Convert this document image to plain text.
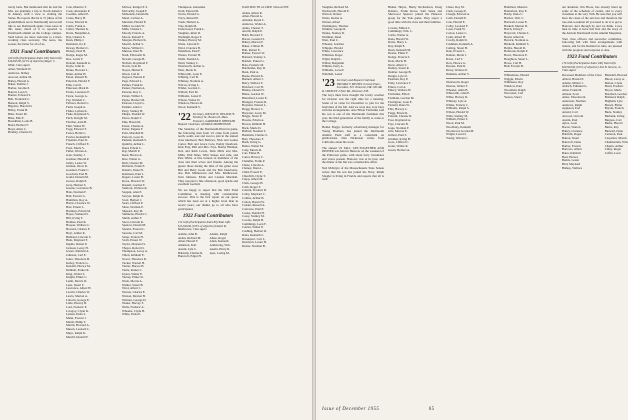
rarely back. But mentioned that he and the Mrs. are planning a trip to North America in January with a view to visiting the States. He reports that he is 72 (three of his grandchildren are in Dartmouth) and would like to see Dartmouth again. Class news in this issue; much of it is reported to Dartmouth alumni on the College campus. Such letters are more welcome to a hard-working class secretary. The news, the sooner, the better for all of us.
1921 Fund Contributors
169 Gifts (Participation Index 102) Total Gifts $16,845.00 (115% of objective) Roger C. Wilde, Class Agent
Allen, Winfield W.
Andrews, Sidney
Atwood, Arthur M.
Bailey, Harold A.
Baker, Rollins J.
Barber, Jerome P.
Barrett, Leon S.
Barnes, Edward S.
Bell, Frederick C.
Benson, Ralph S.
Bigelow, Harold D.
Bixby, Frank H.
Blair, Stuart M.
Bliss, Ellis F.
Boardman, Louis B.
Bond, Herbert F.
Boyd, Allen C.
Bradley, Charles D.
Cole, Maurice T.
Cook, Alexander P.
Coombs, Albert E.
Crane, Harry H.
Cross, Edward R.
Curtis, Frank A.
Cutler, Thomas K.
Davis, Benjamin A.
Day, Charles S.
Dean, Philip J.
Dennison, Ira P.
Dewey, Herbert C.
Dickey, Noel B.
Dodge, Roger M.
Doe, Lewis F.
Donald, Kenneth G.
Doyle, John R.
Drake, Howard L.
Dunn, Arthur H.
Eaton, Russell B.
Edwards, Harold F.
Ellis, Carl P.
Emerson, Mark D.
Evans, Laurence E.
Farrar, George A.
Fay, Wendell C.
Fellows, Robert L.
Field, Joseph A.
Fisher, Lyman K.
Fiske, Raymond S.
Fitch, Dwight M.
Fletcher, Alan B.
Flint, Walter H.
Fogg, Edward T.
Foster, Hollis C.
Fowler, Kenneth R.
Freeman, Paul D.
French, Clifford E.
Frost, Merle S.
Fuller, Warren A.
Gale, Stanley J.
Gardner, Harold P.
Gibbs, Lester W.
Gilman, Oscar R.
Goddard, Frank C.
Goodwin, Earl H.
Gould, Donald M.
Graves, Ralph E.
Gray, Herbert S.
Greene, Lawrence B.
Hale, Norman F.
Hall, Everett G.
Hamilton, Roy A.
Harris, Clarence W.
Hart, Ernest L.
Hastings, Edwin M.
Hayes, Samuel D.
Hill, Irving T.
Holmes, Paul R.
Hooper, Wallace C.
Howard, Charles E.
Hoyt, Arthur K.
Hubbard, Lincoln S.
Hunt, Maynard F.
Ingalls, Robert P.
Jackson, Leroy H.
Jewett, Kimball A.
Johnson, Carl E.
Jones, Theodore B.
Kelley, Francis G.
Kendall, Horace M.
Kimball, Parker R.
King, Walter S.
Knight, Elmer C.
Lamb, Morris D.
Lane, Stuart F.
Lawrence, Albert H.
Leavitt, Charles W.
Lewis, Merton A.
Lincoln, George E.
Little, Harvey B.
Lord, Frederic P.
Lovejoy, Clyde R.
Lyman, Dana S.
Mann, Everett J.
Marsh, Philip T.
Martin, Howard A.
Mason, Leonard C.
Mayo, Ralph K.
Merrill, Donald F.
McGee, Rodger P. S.
McCarthy, Joseph F.
McKenzie, Donald R.
Mead, Carlton A.
Merriam, Harold E.
Miller, Gordon W.
Mills, Chester L.
Moody, Francis A.
Moore, Russell T.
Morgan, Herbert K.
Morrill, Arthur S.
Morse, Willard C.
Munroe, Paul H.
Nash, Ellsworth D.
Newell, George B.
Nichols, Raymond F.
Norris, Lyle M.
Noyes, Harlan E.
Olson, Carl R.
Osgood, Warren P.
Page, Edward L.
Palmer, Frank D.
Parker, Norman A.
Parsons, Roy C.
Patten, Wilbur S.
Payne, Herbert M.
Pearson, Lloyd G.
Perkins, Allen J.
Perry, Stanley H.
Phelps, Donald W.
Pierce, Ralph T.
Pike, Harold R.
Porter, Charles A.
Potter, Eugene F.
Pratt, Marshall B.
Prescott, Leon D.
Putnam, Kenneth S.
Quimby, Arthur L.
Rand, Edwin C.
Ray, Merrill P.
Reed, Horace A.
Rice, Walter G.
Rich, Chester M.
Richards, Frank E.
Roberts, Dana H.
Robinson, Paul L.
Rogers, Lester B.
Rowe, Howard W.
Russell, Gordon F.
Sanborn, Wallace R.
Sargent, Alan E.
Sawyer, Ralph D.
Scott, Herbert J.
Sears, Clifford P.
Shaw, Norman E.
Shepard, Roy M.
Simmons, Harold C.
Smith, Arthur F.
Snow, Lincoln R.
Spencer, Donald B.
Stearns, Everett L.
Stevens, Carl M.
Stone, Francis H.
Swift, Ernest W.
Taylor, Maynard S.
Thayer, Robert D.
Thompson, Leroy A.
Tilton, Kimball E.
Tower, Theodore R.
Tucker, Warren H.
Turner, Horace B.
Tuttle, Parker C.
Upton, Walter E.
Varney, Elmer D.
Wade, Morris A.
Walker, Stuart B.
Ward, Albert C.
Warren, Charles E.
Watson, Merton H.
Webster, George D.
Weeks, Harvey F.
Wells, Frederic A.
Wheeler, Clyde H.
White, Dana E.
Thompson, Alexander
Todd, Edward R.
Towle, Harold G.
Tracy, Russell P.
Trask, Herbert A.
True, Ralph M.
Underwood, Frank L.
Vaughan, Allen D.
Wadleigh, Roger S.
Walker, Harvey M.
Waite, Lincoln E.
Ward, Clarence B.
Washburn, Paul F.
Waters, Everett H.
Webb, Donald A.
Weld, Stanley C.
Wentworth, Arthur G.
West, Merle R.
Whitcomb, Leon E.
Whiting, Carl B.
Whitney, Norman A.
Wilcox, Irving L.
Wilder, Gordon C.
Willard, Earl M.
Williams, Lester P.
Wilson, Walter D.
Winslow, Horace R.
Wood, Kenneth S.
'22 Secretary, WILSON W. WELLER 76 Newbury St., Boston 16, Mass. Treasurer, GARDNER P. WHEELER Bequest Chairman, GEORGE MATHEWSON
The Saturday of the Dartmouth-Harvard game, the following men from '22 came from points north, south, east and west to join in the annual class luncheon: Bob Bellows, Nick and Louise Carter, Bob and Grace Cole, Puddy Dearborn, Kirk Esty, Phil and Mrs. Frye, Benny Hinman, Don and Ruth Lewis, Dick Mills and Mrs. Mills, Walt Niles, Whit Stokes and wife, and Pete White. A fine turnout of members of the class and their wives and friends. Among the guests those during the time of the game were Bill and Betty Grant and the Bob Dearborns, also Bob Mathewson and Mrs. Mathewson. Tom Johnson, Eddie and Cassius Marshall. They reported a fine afternoon, good spirits and excellent football.
We are happy to report that the 1922 Fund Committee is meeting with considerable success. This is the first report on our quota which has been set at a higher level than in recent years; our thanks go to all who have participated.
1922 Fund Contributors
152 Gifts (Participation Index 89) Total Gifts $15,040.00 (103% of objective) Daniel R. Mathewson, Class Agent
Adams, John B.
Alden, Richard M.
Allen, Harold F.
Atkinson, Karl
Austin, Lyle C.
Baldwin, Charles R.
Bancroft, Edgar H.
Adams, Ralph
Albee, Roger
Allen, Kenneth
Armstrong, Wm.
Austin, Harry R.
Ayer, Loring M.
DARTMOUTH ALUMNI MAGAZINE
Alden, Albert R.
Allen, Harold A.
Amsden, Royal C.
Andrews, Walter A.
Annis, Chester T.
Averill, Ralph P.
Babb, Howard T.
Bacon, Leonard S.
Bailey, Merton F.
Baker, Clinton H.
Ball, Robert E.
Barker, Everett W.
Barnard, Stanley L.
Bartlett, Ernest G.
Bass, Frederic M.
Batchelder, Roy D.
Bean, Paul A.
Beede, Harold K.
Bennett, Albert J.
Berry, Wallace F.
Bickford, Carl H.
Bishop, Donald S.
Blake, Gordon W.
Blanchard, Lester E.
Blodgett, Francis R.
Boynton, Warren L.
Bragg, Horace C.
Brewster, Leroy M.
Briggs, Stuart P.
Brooks, Edwin A.
Brown, Kimball H.
Buck, Merle D.
Bullard, Norman T.
Burnham, Charles S.
Burt, Theodore F.
Bush, Irving G.
Butler, Walter M.
Cady, Morris R.
Carr, Elmer B.
Carter, Harvey C.
Chandler, Frank P.
Chase, Lincoln A.
Cheney, Dana L.
Child, Everett E.
Churchill, Clyde T.
Clapp, Albert M.
Clark, George H.
Cobb, Roger F.
Coburn, Frederic D.
Colby, Maynard C.
Collins, Arthur B.
Colton, Harold W.
Conant, Russell A.
Converse, Paul E.
Cooke, Donald H.
Corey, Stanley M.
Cowles, Ralph B.
Cummings, Leon F.
Currier, Walter E.
Cushing, Herbert R.
Dana, Kenneth C.
Davenport, Carl L.
Dearborn, Lester H.
Dexter, Norman B.

Vaughan, Richard M.
Wadsworth, Harold E.
Walcott, Robert
Wales, Dexter A.
Warner, Albert
Washington, Thomas
Watkins, George R.
Weeks, Stanley D.
Wellman, Dean
West, Paul C.
Wheeler, Gardner
Whipple, Harold
White, Lawrence
Whitman, Roger
Wight, Ralph L.
Wilbur, Benjamin
Wilkins, Perry A.
Williams, Lowell
Winchell, Lester
'23 Secretary and Bequest Chairman TRUMAN T. METZEL 6 Lenox Place, Scarsdale, N.Y. Treasurer, DR. OSCAR R. CREELEY 4 Tyler Rd., Hanover, N.H.
The boys must have thought the lovely weather for October was the right time for a meeting. Some of us came for December to join for the festivities of the fall. And we were also very busy with the arrangements. Also Elliott Fairbanks said his son is one of the Dartmouth freshmen this year, the third generation of the family to come to the College.
Homer Boggs, formerly advertising manager for Young Brothers, has joined the Dartmouth Alumni Fund staff as a consultant on publications. Dan Nickerson writes from California about his work.
The annual '23 FALL GET-TOGETHER AND DINNER was held in Hanover on the weekend of the Princeton game, with about forty classmates and wives present. Hanover was at its best, and the dinner at the Inn was a memorable affair.
Ned McIntyre of the Massachusetts State Senate writes that his son has joined the Navy. Ralph Stiegler is living in Florida and reports that all is well.
Hunter Hayes, Henry Richardson, Doug Roberts, Frank Rowe, Sam Stone and Sherwood Spencer joined the Hanover group for the Yale game. They report a good time with the class and their families.
Cowles, Milton C.
Cummings, Wm. C.
Curtis, Walter A.
Dana, Harold W.
Davis, Harry L.
Day, Ralph E.
Dean, Kenneth M.
Dexter, Elmer F.
Dodge, Francis S.
Dole, Merle H.
Drew, Albert C.
Dudley, Stuart R.
Dunbar, George B.
Durgin, Lyle D.
Eastman, Roy P.
Eddy, Lawrence T.
Elliott, Carl A.
Emery, Wallace H.
Fairbanks, Elliott
Farnham, Gordon M.
Farrington, Leon E.
Fernald, Dana W.
Fitts, Harvey C.
Flagg, Ernest R.
Folsom, Chester D.
Foss, Raymond A.
Frye, Lincoln B.
Gage, Norman F.
Gile, Morton E.
Gilbert, Paul S.
Glidden, Irving H.
Goss, Clifford C.
Grant, Walter R.
Green, Herbert A.
Chase, Roy M.
Clark, George P.
Clough, Edward A.
Cobb, Donald E.
Cole, Harold E.
Colby, Leonard F.
Cook, Frank W.
Cotton, Lester C.
Cram, Albert H.
Crosby, Ralph D.
Cushman, Kenneth A.
Cutting, Stuart B.
Dale, Everett L.
Damon, Merle J.
Davis, Carl T.
Dow, Horace G.
Dresser, Paul R.
Drury, Wallace E.
Dunham, Arthur S.
Wentworth, Roger
Weston, Walter F.
Wheeler, Allen B.
Whitcomb, Glen E.
White, Harvey D.
Whitney, Lyle A.
Wilder, Francis C.
Williams, Ralph S.
Wilson, Harold W.
Winn, Stanley M.
Witham, Elmer T.
Wood, Paul M.
Woodbury, Kenneth
Woodward, Gordon B.
Wright, Leon D.
Young, Warren C.
Hamilton, Maurice
Hannaford, Roy E.
Hardy, Dana C.
Harlow, Wm. C.
Hartwell, Lester E.
Haskell, Merton D.
Hatch, Irving F.
Hayward, Charles L.
Heald, Albert R.
Herrick, Norman A.
Hildreth, Kimball S.
Hobbs, Harold D.
Holbrook, Ralph P.
Hood, Theodore E.
Houghton, Stuart L.
Howe, Carl H.
Hull, Everett B.
Whittemore, Harold
Wiggin, Edwin
Wilkinson, Roy
Winslow, Paul
Woodman, Ralph
Worcester, Carl
Yeaton, Stuart
our Reunion, Jim Bross, has already lined up some of the schedule of events, and to every classmate at the very 35th. Be sure that you will have the cause of the services and therefore the tree-and-a-reunion all you need to do is to get to Hanover. And through by and we think. Cows men in time to have this first and the story of the Ancient Dartmouth in the Alumni Magazine.
Your class officers and executive committee, following full with final arrangements with tickets, and for the Reunion in June, are pleased with the progress and response to date.
1923 Fund Contributors
176 Gifts (Participation Index 106) Total Gifts $20,500.00 (101% of objective) Joel B. Stevens, Jr., Class Agent
Deceased Members of the Class
Abbott, Harold E.
Adams, Milton J.
Aldrich, Edmund G.
Allen, Frank M.
Allison, Scott
Ames, Theodore R.
Anderson, Norman
Andrews, Ralph
Appleton, Earl
Arnold, Carl
Atwood, Lincoln
Austin, Paul
Ayres, Leon
Bacon, Warren
Bailey, Clarence
Baldwin, Roger
Ballou, Stuart
Bancroft, Dana
Barber, Everett
Barrows, Albert
Bates, Kimball
Beal, Horace
Bemis, Lester
Bird, Maynard
Bishop, Wallace
Blaisdell, Howard
Blood, Leroy A.
Bolton, Clyde
Bond, Frederic
Boyce, Merle
Bradford, Gordon
Brainerd, Ralph
Brigham, Lyle
Brown, Elmer
Bryant, Francis
Buck, Stanley
Burbank, Irving
Burgess, Carl
Burke, Harold
Burns, Roy
Buswell, Dana
Carleton, Paul
Carpenter, Morris
Chamberlain, Wm.
Chapin, Arthur
Cilley, Roger
Coffin, Leon
Issue of December 1955	65
